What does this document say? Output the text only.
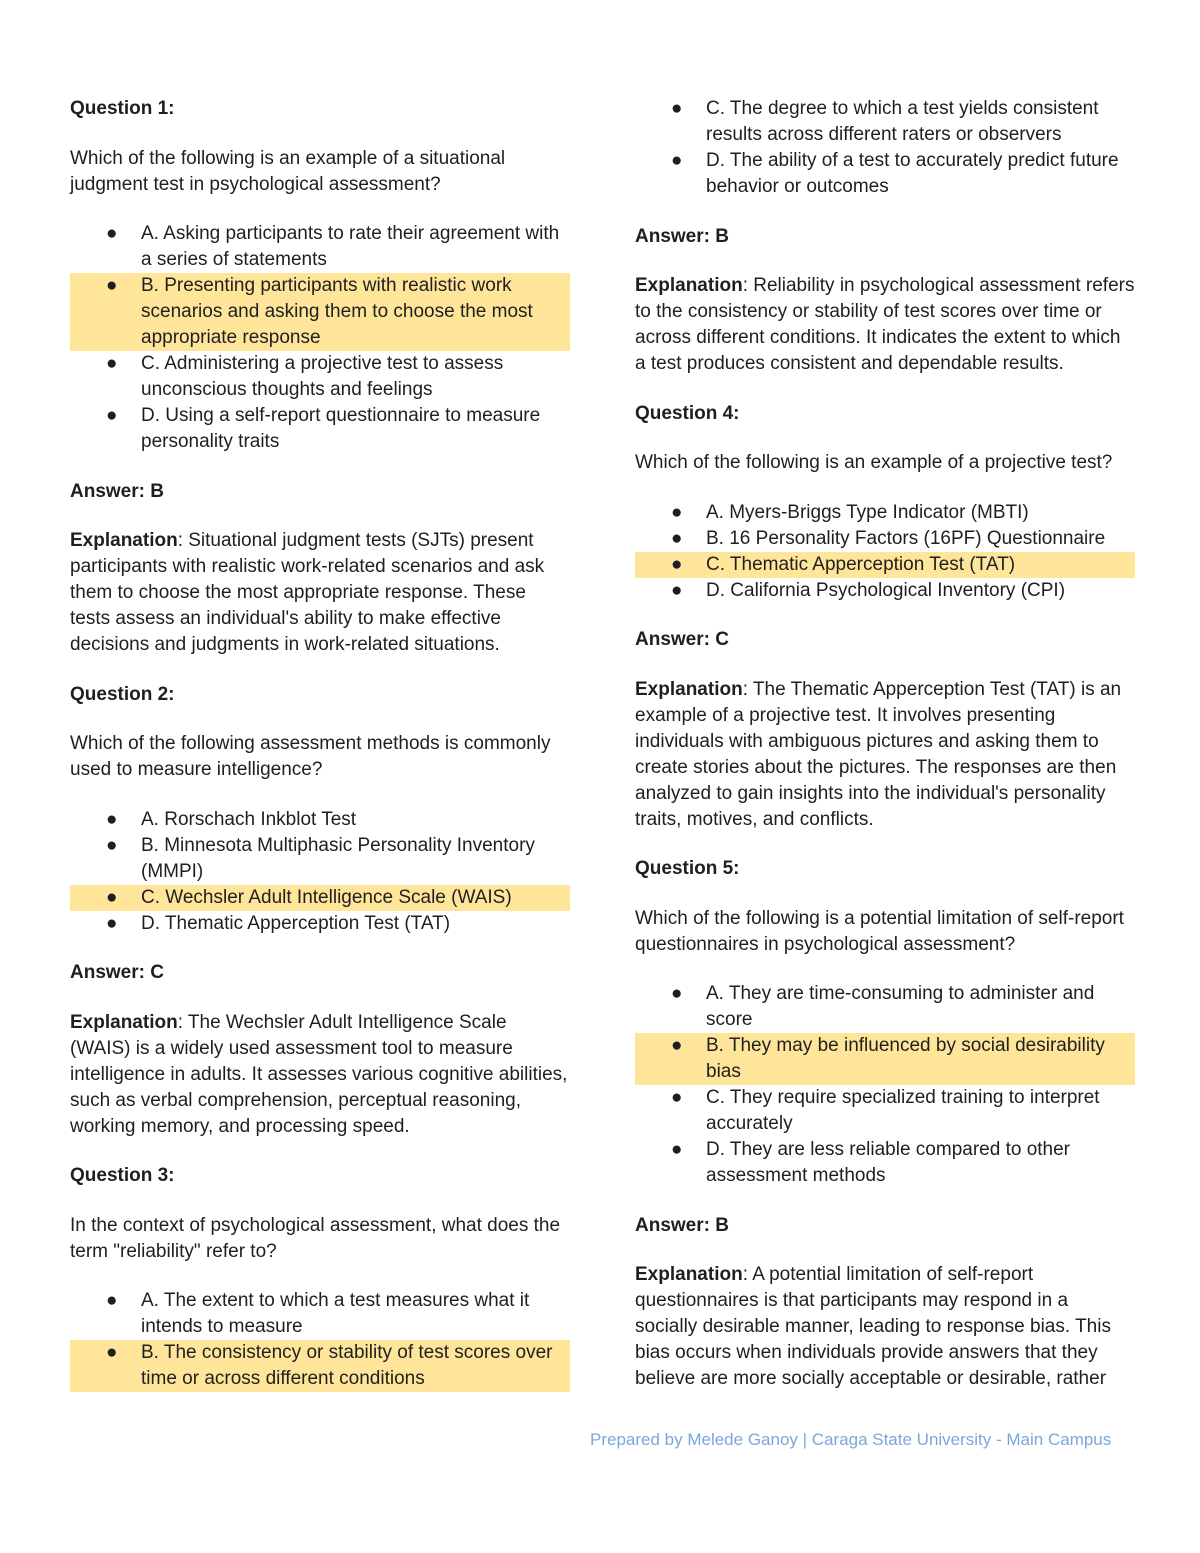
Question 1:
Which of the following is an example of a situational judgment test in psychological assessment?
● A. Asking participants to rate their agreement with a series of statements
● B. Presenting participants with realistic work scenarios and asking them to choose the most appropriate response
● C. Administering a projective test to assess unconscious thoughts and feelings
● D. Using a self-report questionnaire to measure personality traits
Answer: B
Explanation: Situational judgment tests (SJTs) present participants with realistic work-related scenarios and ask them to choose the most appropriate response. These tests assess an individual's ability to make effective decisions and judgments in work-related situations.
Question 2:
Which of the following assessment methods is commonly used to measure intelligence?
● A. Rorschach Inkblot Test
● B. Minnesota Multiphasic Personality Inventory (MMPI)
● C. Wechsler Adult Intelligence Scale (WAIS)
● D. Thematic Apperception Test (TAT)
Answer: C
Explanation: The Wechsler Adult Intelligence Scale (WAIS) is a widely used assessment tool to measure intelligence in adults. It assesses various cognitive abilities, such as verbal comprehension, perceptual reasoning, working memory, and processing speed.
Question 3:
In the context of psychological assessment, what does the term "reliability" refer to?
● A. The extent to which a test measures what it intends to measure
● B. The consistency or stability of test scores over time or across different conditions
● C. The degree to which a test yields consistent results across different raters or observers
● D. The ability of a test to accurately predict future behavior or outcomes
Answer: B
Explanation: Reliability in psychological assessment refers to the consistency or stability of test scores over time or across different conditions. It indicates the extent to which a test produces consistent and dependable results.
Question 4:
Which of the following is an example of a projective test?
● A. Myers-Briggs Type Indicator (MBTI)
● B. 16 Personality Factors (16PF) Questionnaire
● C. Thematic Apperception Test (TAT)
● D. California Psychological Inventory (CPI)
Answer: C
Explanation: The Thematic Apperception Test (TAT) is an example of a projective test. It involves presenting individuals with ambiguous pictures and asking them to create stories about the pictures. The responses are then analyzed to gain insights into the individual's personality traits, motives, and conflicts.
Question 5:
Which of the following is a potential limitation of self-report questionnaires in psychological assessment?
● A. They are time-consuming to administer and score
● B. They may be influenced by social desirability bias
● C. They require specialized training to interpret accurately
● D. They are less reliable compared to other assessment methods
Answer: B
Explanation: A potential limitation of self-report questionnaires is that participants may respond in a socially desirable manner, leading to response bias. This bias occurs when individuals provide answers that they believe are more socially acceptable or desirable, rather
Prepared by Melede Ganoy | Caraga State University - Main Campus
